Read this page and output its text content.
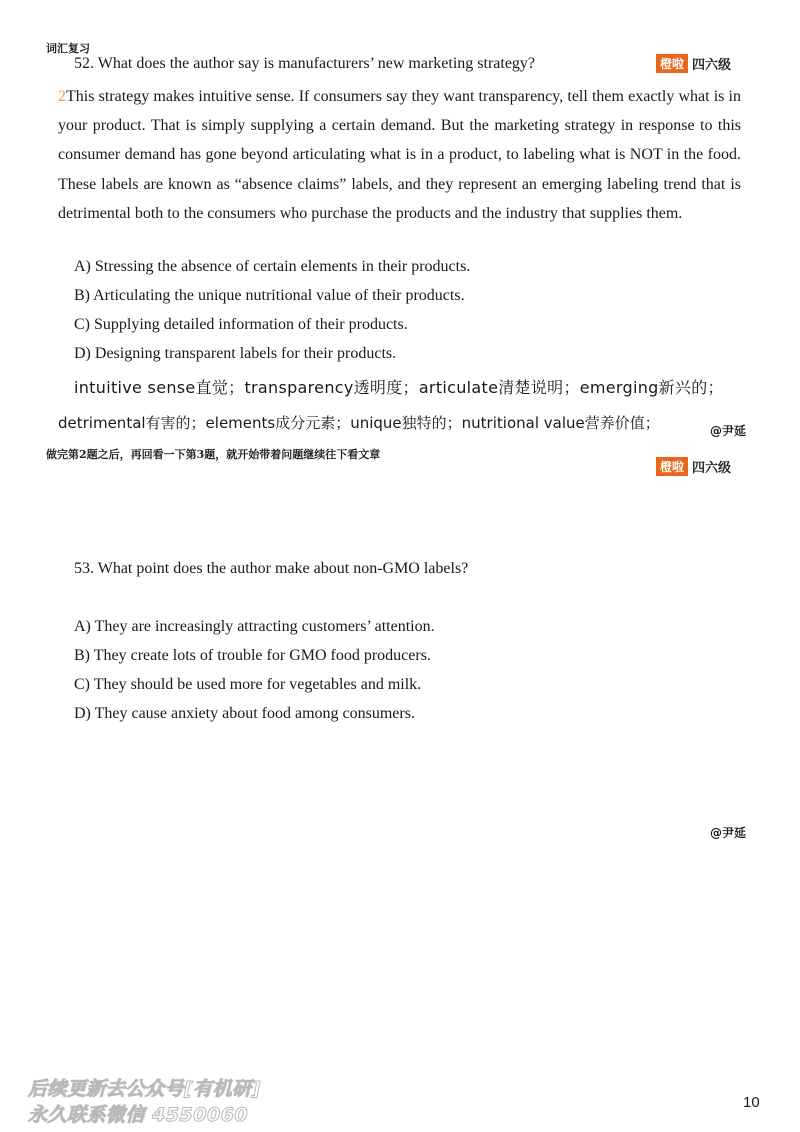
词汇复习
52. What does the author say is manufacturers’ new marketing strategy?	橙啦 四六级
2This strategy makes intuitive sense. If consumers say they want transparency, tell them exactly what is in your product. That is simply supplying a certain demand. But the marketing strategy in response to this consumer demand has gone beyond articulating what is in a product, to labeling what is NOT in the food. These labels are known as “absence claims” labels, and they represent an emerging labeling trend that is detrimental both to the consumers who purchase the products and the industry that supplies them.
A) Stressing the absence of certain elements in their products.
B) Articulating the unique nutritional value of their products.
C) Supplying detailed information of their products.
D) Designing transparent labels for their products.
intuitive sense直觉；transparency透明度；articulate清楚说明；emerging新兴的；
detrimental有害的；elements成分元素；unique独特的；nutritional value营养价值；	@尹延
做完第2题之后，再回看一下第3题，就开始带着问题继续往下看文章
橙啦 四六级
53. What point does the author make about non-GMO labels?
A) They are increasingly attracting customers’ attention.
B) They create lots of trouble for GMO food producers.
C) They should be used more for vegetables and milk.
D) They cause anxiety about food among consumers.
@尹延
后续更新去公众号[有机研]
永久联系微信 4550060
10
